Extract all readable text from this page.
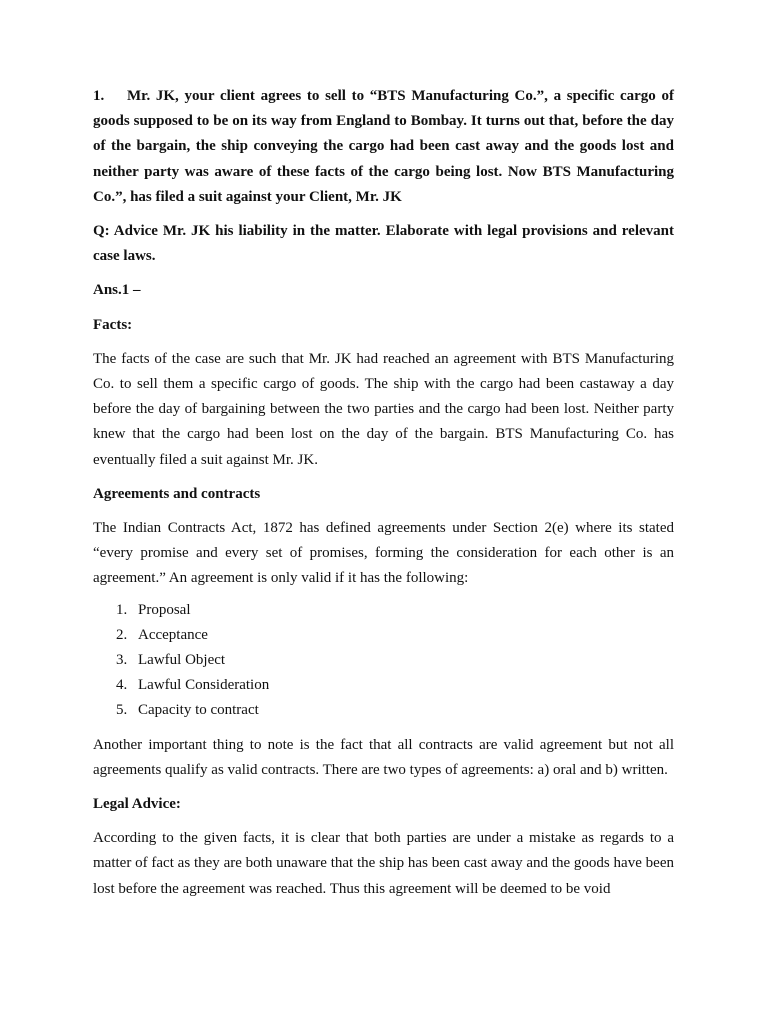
1. Mr. JK, your client agrees to sell to “BTS Manufacturing Co.”, a specific cargo of goods supposed to be on its way from England to Bombay. It turns out that, before the day of the bargain, the ship conveying the cargo had been cast away and the goods lost and neither party was aware of these facts of the cargo being lost. Now BTS Manufacturing Co.”, has filed a suit against your Client, Mr. JK

Q: Advice Mr. JK his liability in the matter. Elaborate with legal provisions and relevant case laws.

Ans.1 –

Facts:

The facts of the case are such that Mr. JK had reached an agreement with BTS Manufacturing Co. to sell them a specific cargo of goods. The ship with the cargo had been castaway a day before the day of bargaining between the two parties and the cargo had been lost. Neither party knew that the cargo had been lost on the day of the bargain. BTS Manufacturing Co. has eventually filed a suit against Mr. JK.

Agreements and contracts

The Indian Contracts Act, 1872 has defined agreements under Section 2(e) where its stated “every promise and every set of promises, forming the consideration for each other is an agreement.” An agreement is only valid if it has the following:

1. Proposal
2. Acceptance
3. Lawful Object
4. Lawful Consideration
5. Capacity to contract

Another important thing to note is the fact that all contracts are valid agreement but not all agreements qualify as valid contracts. There are two types of agreements: a) oral and b) written.

Legal Advice:

According to the given facts, it is clear that both parties are under a mistake as regards to a matter of fact as they are both unaware that the ship has been cast away and the goods have been lost before the agreement was reached. Thus this agreement will be deemed to be void
